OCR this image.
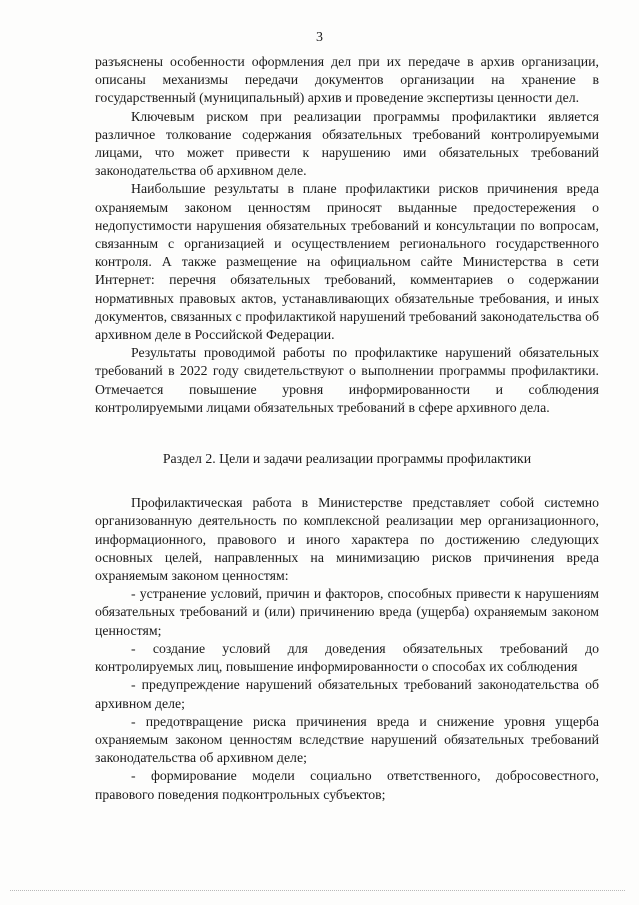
3

разъяснены особенности оформления дел при их передаче в архив организации, описаны механизмы передачи документов организации на хранение в государственный (муниципальный) архив и проведение экспертизы ценности дел.

Ключевым риском при реализации программы профилактики является различное толкование содержания обязательных требований контролируемыми лицами, что может привести к нарушению ими обязательных требований законодательства об архивном деле.

Наибольшие результаты в плане профилактики рисков причинения вреда охраняемым законом ценностям приносят выданные предостережения о недопустимости нарушения обязательных требований и консультации по вопросам, связанным с организацией и осуществлением регионального государственного контроля. А также размещение на официальном сайте Министерства в сети Интернет: перечня обязательных требований, комментариев о содержании нормативных правовых актов, устанавливающих обязательные требования, и иных документов, связанных с профилактикой нарушений требований законодательства об архивном деле в Российской Федерации.

Результаты проводимой работы по профилактике нарушений обязательных требований в 2022 году свидетельствуют о выполнении программы профилактики. Отмечается повышение уровня информированности и соблюдения контролируемыми лицами обязательных требований в сфере архивного дела.

Раздел 2. Цели и задачи реализации программы профилактики

Профилактическая работа в Министерстве представляет собой системно организованную деятельность по комплексной реализации мер организационного, информационного, правового и иного характера по достижению следующих основных целей, направленных на минимизацию рисков причинения вреда охраняемым законом ценностям:

- устранение условий, причин и факторов, способных привести к нарушениям обязательных требований и (или) причинению вреда (ущерба) охраняемым законом ценностям;

- создание условий для доведения обязательных требований до контролируемых лиц, повышение информированности о способах их соблюдения

- предупреждение нарушений обязательных требований законодательства об архивном деле;

- предотвращение риска причинения вреда и снижение уровня ущерба охраняемым законом ценностям вследствие нарушений обязательных требований законодательства об архивном деле;

- формирование модели социально ответственного, добросовестного, правового поведения подконтрольных субъектов;
